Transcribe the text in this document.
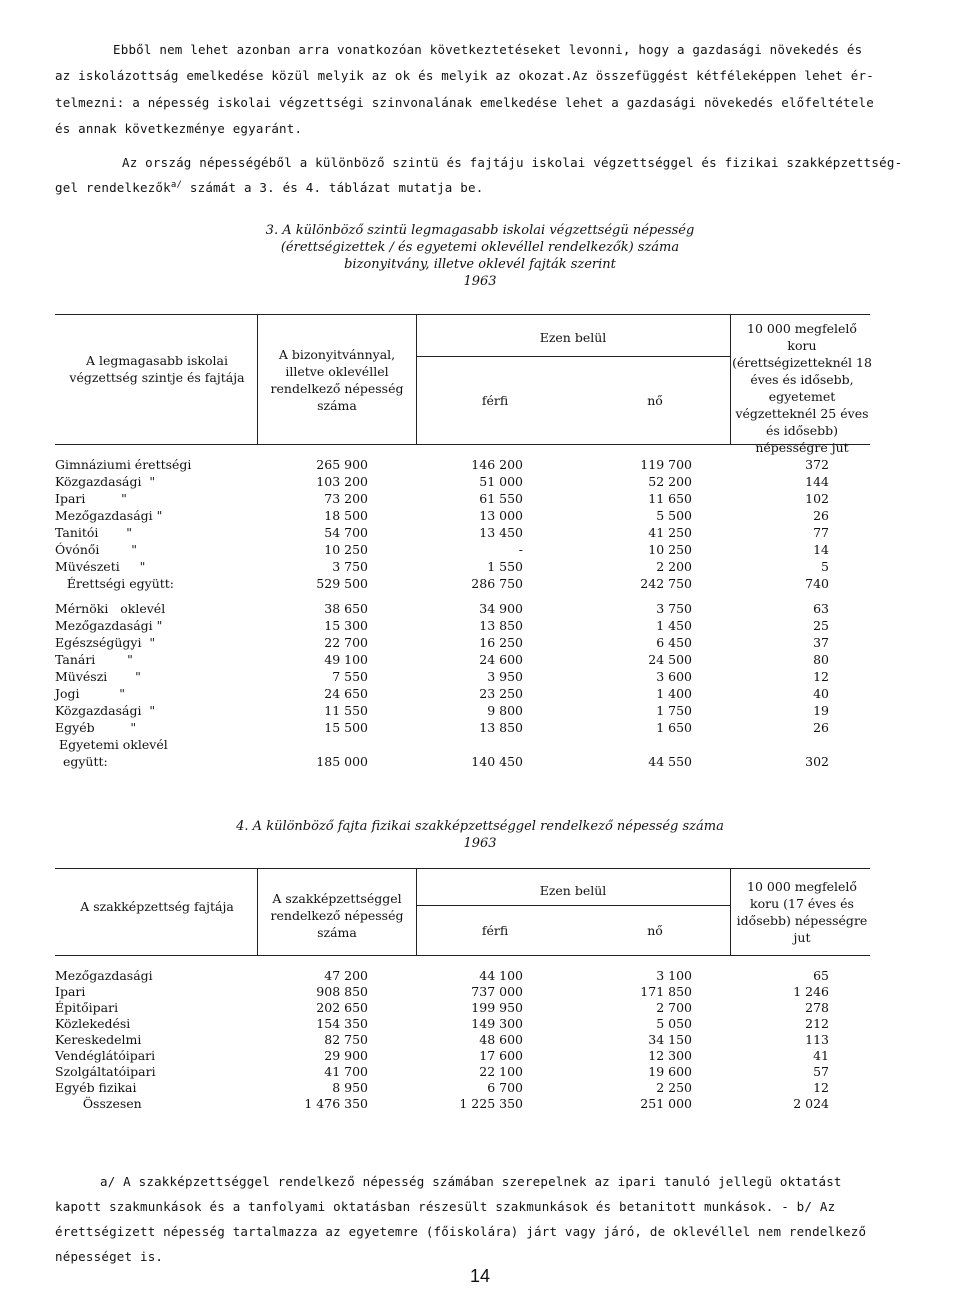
Ebből nem lehet azonban arra vonatkozóan következtetéseket levonni, hogy a gazdasági növekedés és
az iskolázottság emelkedése közül melyik az ok és melyik az okozat.Az összefüggést kétféleképpen lehet ér-
telmezni: a népesség iskolai végzettségi szinvonalának emelkedése lehet a gazdasági növekedés előfeltétele
és annak következménye egyaránt.
Az ország népességéből a különböző szintü és fajtáju iskolai végzettséggel és fizikai szakképzettség-
gel rendelkezők$^{a/}$ számát a 3. és 4. táblázat mutatja be.
3. A különböző szintü legmagasabb iskolai végzettségü népesség
(érettségizettek / és egyetemi oklevéllel rendelkezők) száma
bizonyitvány, illetve oklevél fajták szerint
1963
A legmagasabb iskolai végzettség szintje és fajtája
A bizonyitvánnyal, illetve oklevéllel rendelkező népesség száma
Ezen belül
férfi	nő
10 000 megfelelő koru (érettségizetteknél 18 éves és idősebb, egyetemet végzetteknél 25 éves és idősebb) népességre jut
Gimnáziumi érettségi	265 900	146 200	119 700	372
Közgazdasági  "	103 200	51 000	52 200	144
Ipari         "	73 200	61 550	11 650	102
Mezőgazdasági "	18 500	13 000	5 500	26
Tanitói       "	54 700	13 450	41 250	77
Óvónői        "	10 250	-	10 250	14
Müvészeti     "	3 750	1 550	2 200	5
Érettségi együtt:	529 500	286 750	242 750	740
Mérnöki   oklevél	38 650	34 900	3 750	63
Mezőgazdasági "	15 300	13 850	1 450	25
Egészségügyi  "	22 700	16 250	6 450	37
Tanári        "	49 100	24 600	24 500	80
Müvészi       "	7 550	3 950	3 600	12
Jogi          "	24 650	23 250	1 400	40
Közgazdasági  "	11 550	9 800	1 750	19
Egyéb         "	15 500	13 850	1 650	26
Egyetemi oklevél
együtt:	185 000	140 450	44 550	302
4. A különböző fajta fizikai szakképzettséggel rendelkező népesség száma
1963
A szakképzettség fajtája
A szakképzettséggel rendelkező népesség száma
Ezen belül
férfi	nő
10 000 megfelelő koru (17 éves és idősebb) népességre jut
Mezőgazdasági	47 200	44 100	3 100	65
Ipari	908 850	737 000	171 850	1 246
Épitőipari	202 650	199 950	2 700	278
Közlekedési	154 350	149 300	5 050	212
Kereskedelmi	82 750	48 600	34 150	113
Vendéglátóipari	29 900	17 600	12 300	41
Szolgáltatóipari	41 700	22 100	19 600	57
Egyéb fizikai	8 950	6 700	2 250	12
Összesen	1 476 350	1 225 350	251 000	2 024
a/ A szakképzettséggel rendelkező népesség számában szerepelnek az ipari tanuló jellegü oktatást
kapott szakmunkások és a tanfolyami oktatásban részesült szakmunkások és betanitott munkások. - b/ Az
érettségizett népesség tartalmazza az egyetemre (főiskolára) járt vagy járó, de oklevéllel nem rendelkező
népességet is.
14
